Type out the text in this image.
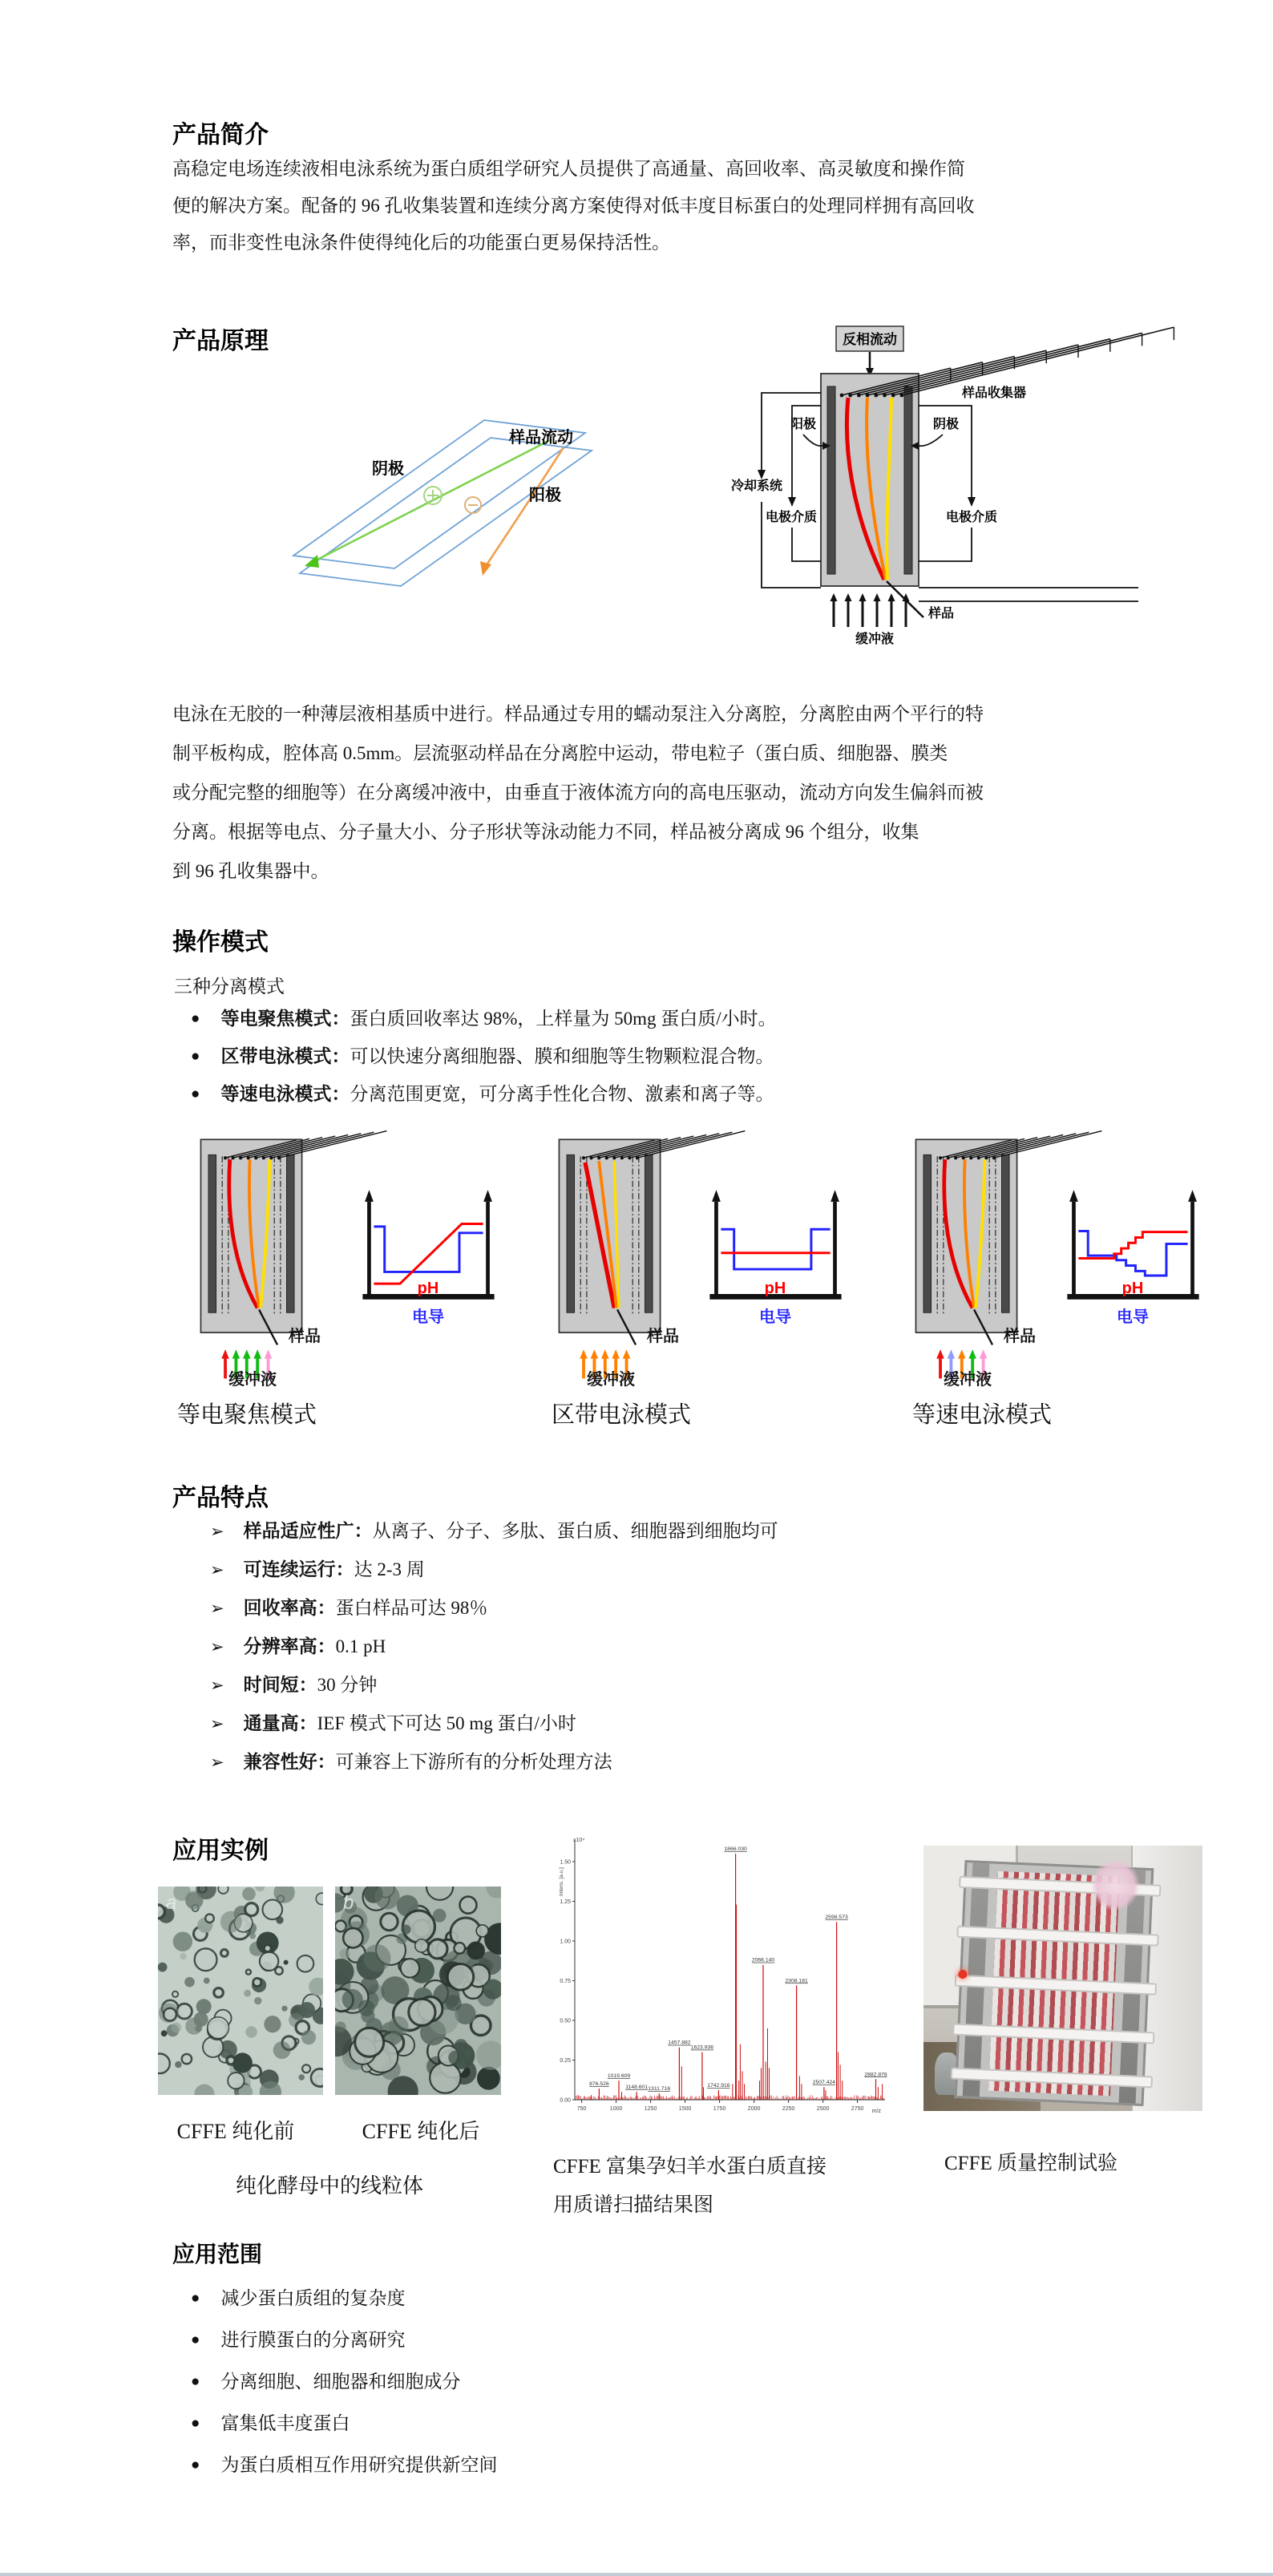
产品简介
高稳定电场连续液相电泳系统为蛋白质组学研究人员提供了高通量、高回收率、高灵敏度和操作简
便的解决方案。配备的 96 孔收集装置和连续分离方案使得对低丰度目标蛋白的处理同样拥有高回收
率，而非变性电泳条件使得纯化后的功能蛋白更易保持活性。
产品原理
样品流动
阴极
阳极
反相流动
样品收集器
样品
缓冲液
阳极	阴极
冷却系统
电极介质	电极介质
电泳在无胶的一种薄层液相基质中进行。样品通过专用的蠕动泵注入分离腔，分离腔由两个平行的特
制平板构成，腔体高 0.5mm。层流驱动样品在分离腔中运动，带电粒子（蛋白质、细胞器、膜类
或分配完整的细胞等）在分离缓冲液中，由垂直于液体流方向的高电压驱动，流动方向发生偏斜而被
分离。根据等电点、分子量大小、分子形状等泳动能力不同，样品被分离成 96 个组分，收集
到 96 孔收集器中。
操作模式
三种分离模式
●
等电聚焦模式： 蛋白质回收率达 98%，上样量为 50mg 蛋白质/小时。
●
区带电泳模式： 可以快速分离细胞器、膜和细胞等生物颗粒混合物。
●
等速电泳模式： 分离范围更宽，可分离手性化合物、激素和离子等。
样品
缓冲液
pH
电导
等电聚焦模式
样品
缓冲液
pH
电导
区带电泳模式
样品
缓冲液
pH
电导
等速电泳模式
产品特点
➢
样品适应性广： 从离子、分子、多肽、蛋白质、细胞器到细胞均可
➢
可连续运行： 达 2-3 周
➢
回收率高： 蛋白样品可达 98％
➢
分辨率高： 0.1 pH
➢
时间短： 30 分钟
➢
通量高： IEF 模式下可达 50 mg 蛋白/小时
➢
兼容性好： 可兼容上下游所有的分析处理方法
应用实例
a	b
CFFE 纯化前	CFFE 纯化后
纯化酵母中的线粒体
x10⁴
Intens. [a.u.]
m/z
0.00
0.25
0.50
0.75
1.00
1.25
1.50
750	1000	1250	1500	1750	2000	2250	2500	2750
876.526
1019.609
1148.601 1311.716
1457.882
1623.936
1742.916
1866.030
2066.140
2308.181
2507.424
2598.573
2882.878
CFFE 富集孕妇羊水蛋白质直接
用质谱扫描结果图
CFFE 质量控制试验
应用范围
●
减少蛋白质组的复杂度
●
进行膜蛋白的分离研究
●
分离细胞、细胞器和细胞成分
●
富集低丰度蛋白
●
为蛋白质相互作用研究提供新空间
